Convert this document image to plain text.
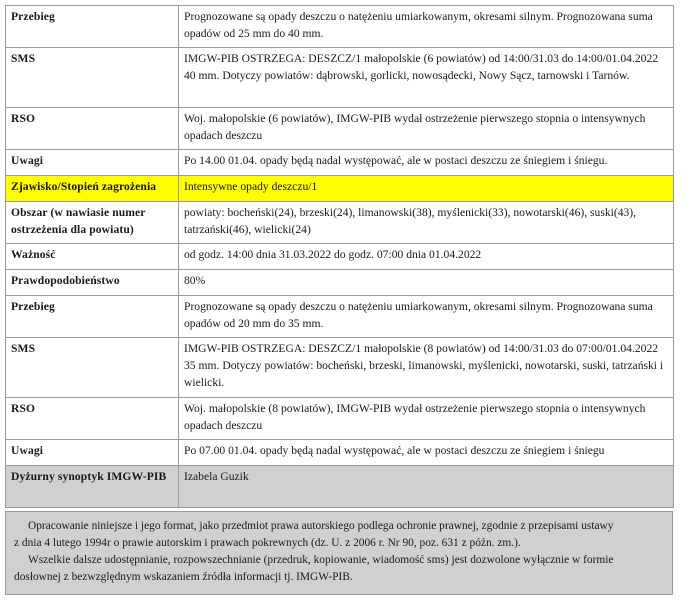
Przebieg	Prognozowane są opady deszczu o natężeniu umiarkowanym, okresami silnym. Prognozowana suma opadów od 25 mm do 40 mm.
SMS	IMGW-PIB OSTRZEGA: DESZCZ/1 małopolskie (6 powiatów) od 14:00/31.03 do 14:00/01.04.2022 40 mm. Dotyczy powiatów: dąbrowski, gorlicki, nowosądecki, Nowy Sącz, tarnowski i Tarnów.
RSO	Woj. małopolskie (6 powiatów), IMGW-PIB wydał ostrzeżenie pierwszego stopnia o intensywnych opadach deszczu
Uwagi	Po 14.00 01.04. opady będą nadal występować, ale w postaci deszczu ze śniegiem i śniegu.
Zjawisko/Stopień zagrożenia	Intensywne opady deszczu/1
Obszar (w nawiasie numer ostrzeżenia dla powiatu)	powiaty: bocheński(24), brzeski(24), limanowski(38), myślenicki(33), nowotarski(46), suski(43), tatrzański(46), wielicki(24)
Ważność	od godz. 14:00 dnia 31.03.2022 do godz. 07:00 dnia 01.04.2022
Prawdopodobieństwo	80%
Przebieg	Prognozowane są opady deszczu o natężeniu umiarkowanym, okresami silnym. Prognozowana suma opadów od 20 mm do 35 mm.
SMS	IMGW-PIB OSTRZEGA: DESZCZ/1 małopolskie (8 powiatów) od 14:00/31.03 do 07:00/01.04.2022 35 mm. Dotyczy powiatów: bocheński, brzeski, limanowski, myślenicki, nowotarski, suski, tatrzański i wielicki.
RSO	Woj. małopolskie (8 powiatów), IMGW-PIB wydał ostrzeżenie pierwszego stopnia o intensywnych opadach deszczu
Uwagi	Po 07.00 01.04. opady będą nadal występować, ale w postaci deszczu ze śniegiem i śniegu
Dyżurny synoptyk IMGW-PIB	Izabela Guzik

Opracowanie niniejsze i jego format, jako przedmiot prawa autorskiego podlega ochronie prawnej, zgodnie z przepisami ustawy

z dnia 4 lutego 1994r o prawie autorskim i prawach pokrewnych (dz. U. z 2006 r. Nr 90, poz. 631 z późn. zm.).

Wszelkie dalsze udostępnianie, rozpowszechnianie (przedruk, kopiowanie, wiadomość sms) jest dozwolone wyłącznie w formie

dosłownej z bezwzględnym wskazaniem źródła informacji tj. IMGW-PIB.
